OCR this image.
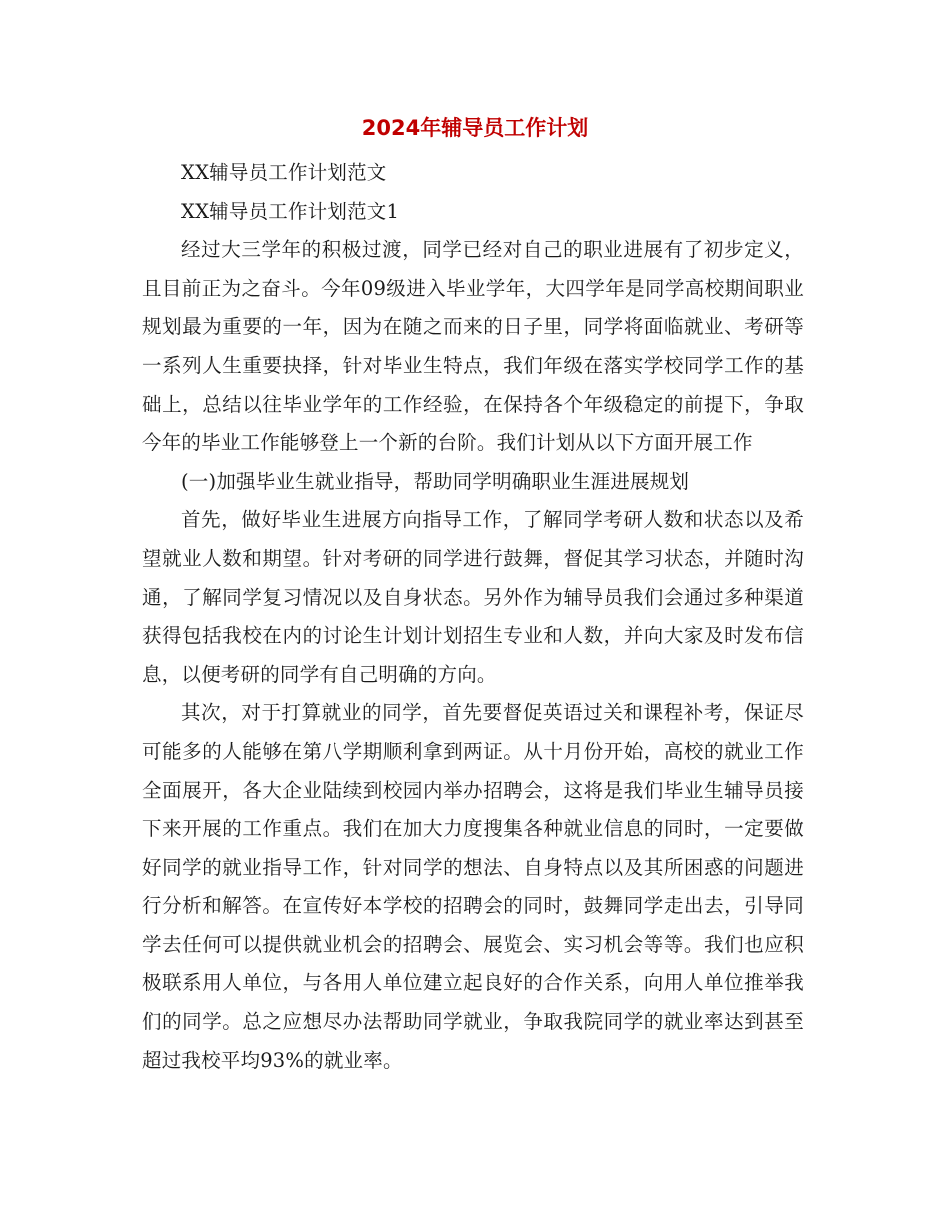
2024年辅导员工作计划

XX辅导员工作计划范文

XX辅导员工作计划范文1

经过大三学年的积极过渡，同学已经对自己的职业进展有了初步定义，且目前正为之奋斗。今年09级进入毕业学年，大四学年是同学高校期间职业规划最为重要的一年，因为在随之而来的日子里，同学将面临就业、考研等一系列人生重要抉择，针对毕业生特点，我们年级在落实学校同学工作的基础上，总结以往毕业学年的工作经验，在保持各个年级稳定的前提下，争取今年的毕业工作能够登上一个新的台阶。我们计划从以下方面开展工作

(一)加强毕业生就业指导，帮助同学明确职业生涯进展规划

首先，做好毕业生进展方向指导工作，了解同学考研人数和状态以及希望就业人数和期望。针对考研的同学进行鼓舞，督促其学习状态，并随时沟通，了解同学复习情况以及自身状态。另外作为辅导员我们会通过多种渠道获得包括我校在内的讨论生计划计划招生专业和人数，并向大家及时发布信息，以便考研的同学有自己明确的方向。

其次，对于打算就业的同学，首先要督促英语过关和课程补考，保证尽可能多的人能够在第八学期顺利拿到两证。从十月份开始，高校的就业工作全面展开，各大企业陆续到校园内举办招聘会，这将是我们毕业生辅导员接下来开展的工作重点。我们在加大力度搜集各种就业信息的同时，一定要做好同学的就业指导工作，针对同学的想法、自身特点以及其所困惑的问题进行分析和解答。在宣传好本学校的招聘会的同时，鼓舞同学走出去，引导同学去任何可以提供就业机会的招聘会、展览会、实习机会等等。我们也应积极联系用人单位，与各用人单位建立起良好的合作关系，向用人单位推举我们的同学。总之应想尽办法帮助同学就业，争取我院同学的就业率达到甚至超过我校平均93%的就业率。
